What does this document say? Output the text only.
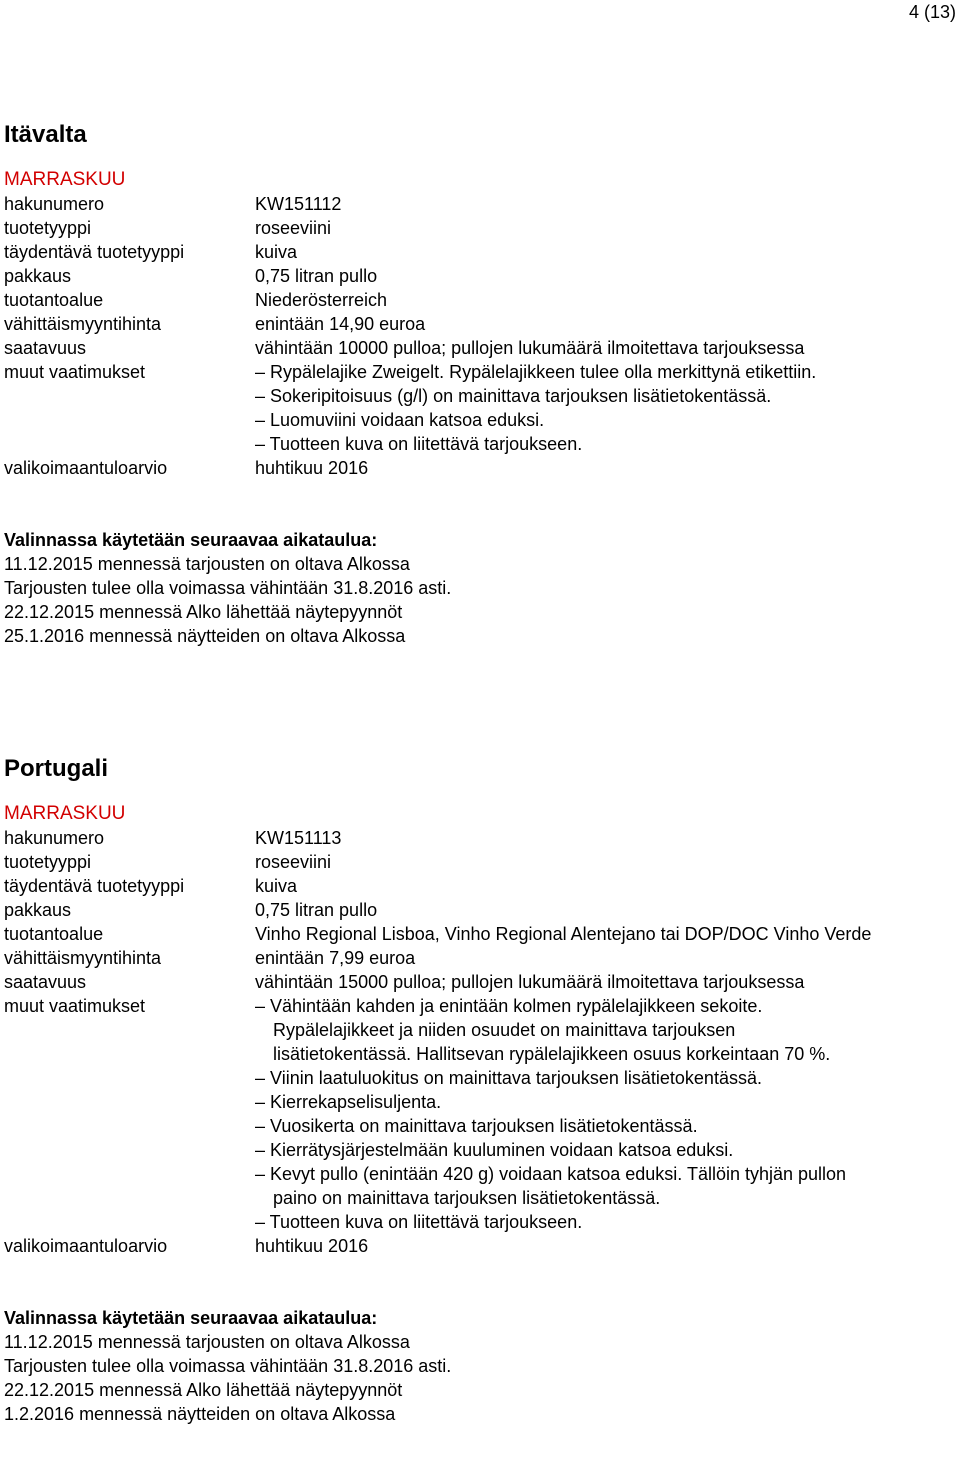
4 (13)
Itävalta
MARRASKUU
hakunumero	KW151112
tuotetyyppi	roseeviini
täydentävä tuotetyyppi	kuiva
pakkaus	0,75 litran pullo
tuotantoalue	Niederösterreich
vähittäismyyntihinta	enintään 14,90 euroa
saatavuus	vähintään 10000 pulloa; pullojen lukumäärä ilmoitettava tarjouksessa
muut vaatimukset	– Rypälelajike Zweigelt. Rypälelajikkeen tulee olla merkittynä etikettiin.
– Sokeripitoisuus (g/l) on mainittava tarjouksen lisätietokentässä.
– Luomuviini voidaan katsoa eduksi.
– Tuotteen kuva on liitettävä tarjoukseen.
valikoimaantuloarvio	huhtikuu 2016
Valinnassa käytetään seuraavaa aikataulua:
11.12.2015 mennessä tarjousten on oltava Alkossa
Tarjousten tulee olla voimassa vähintään 31.8.2016 asti.
22.12.2015 mennessä Alko lähettää näytepyynnöt
25.1.2016 mennessä näytteiden on oltava Alkossa
Portugali
MARRASKUU
hakunumero	KW151113
tuotetyyppi	roseeviini
täydentävä tuotetyyppi	kuiva
pakkaus	0,75 litran pullo
tuotantoalue	Vinho Regional Lisboa, Vinho Regional Alentejano tai DOP/DOC Vinho Verde
vähittäismyyntihinta	enintään 7,99 euroa
saatavuus	vähintään 15000 pulloa; pullojen lukumäärä ilmoitettava tarjouksessa
muut vaatimukset	– Vähintään kahden ja enintään kolmen rypälelajikkeen sekoite. Rypälelajikkeet ja niiden osuudet on mainittava tarjouksen lisätietokentässä. Hallitsevan rypälelajikkeen osuus korkeintaan 70 %.
– Viinin laatuluokitus on mainittava tarjouksen lisätietokentässä.
– Kierrekapselisuljenta.
– Vuosikerta on mainittava tarjouksen lisätietokentässä.
– Kierrätysjärjestelmään kuuluminen voidaan katsoa eduksi.
– Kevyt pullo (enintään 420 g) voidaan katsoa eduksi. Tällöin tyhjän pullon paino on mainittava tarjouksen lisätietokentässä.
– Tuotteen kuva on liitettävä tarjoukseen.
valikoimaantuloarvio	huhtikuu 2016
Valinnassa käytetään seuraavaa aikataulua:
11.12.2015 mennessä tarjousten on oltava Alkossa
Tarjousten tulee olla voimassa vähintään 31.8.2016 asti.
22.12.2015 mennessä Alko lähettää näytepyynnöt
1.2.2016 mennessä näytteiden on oltava Alkossa
